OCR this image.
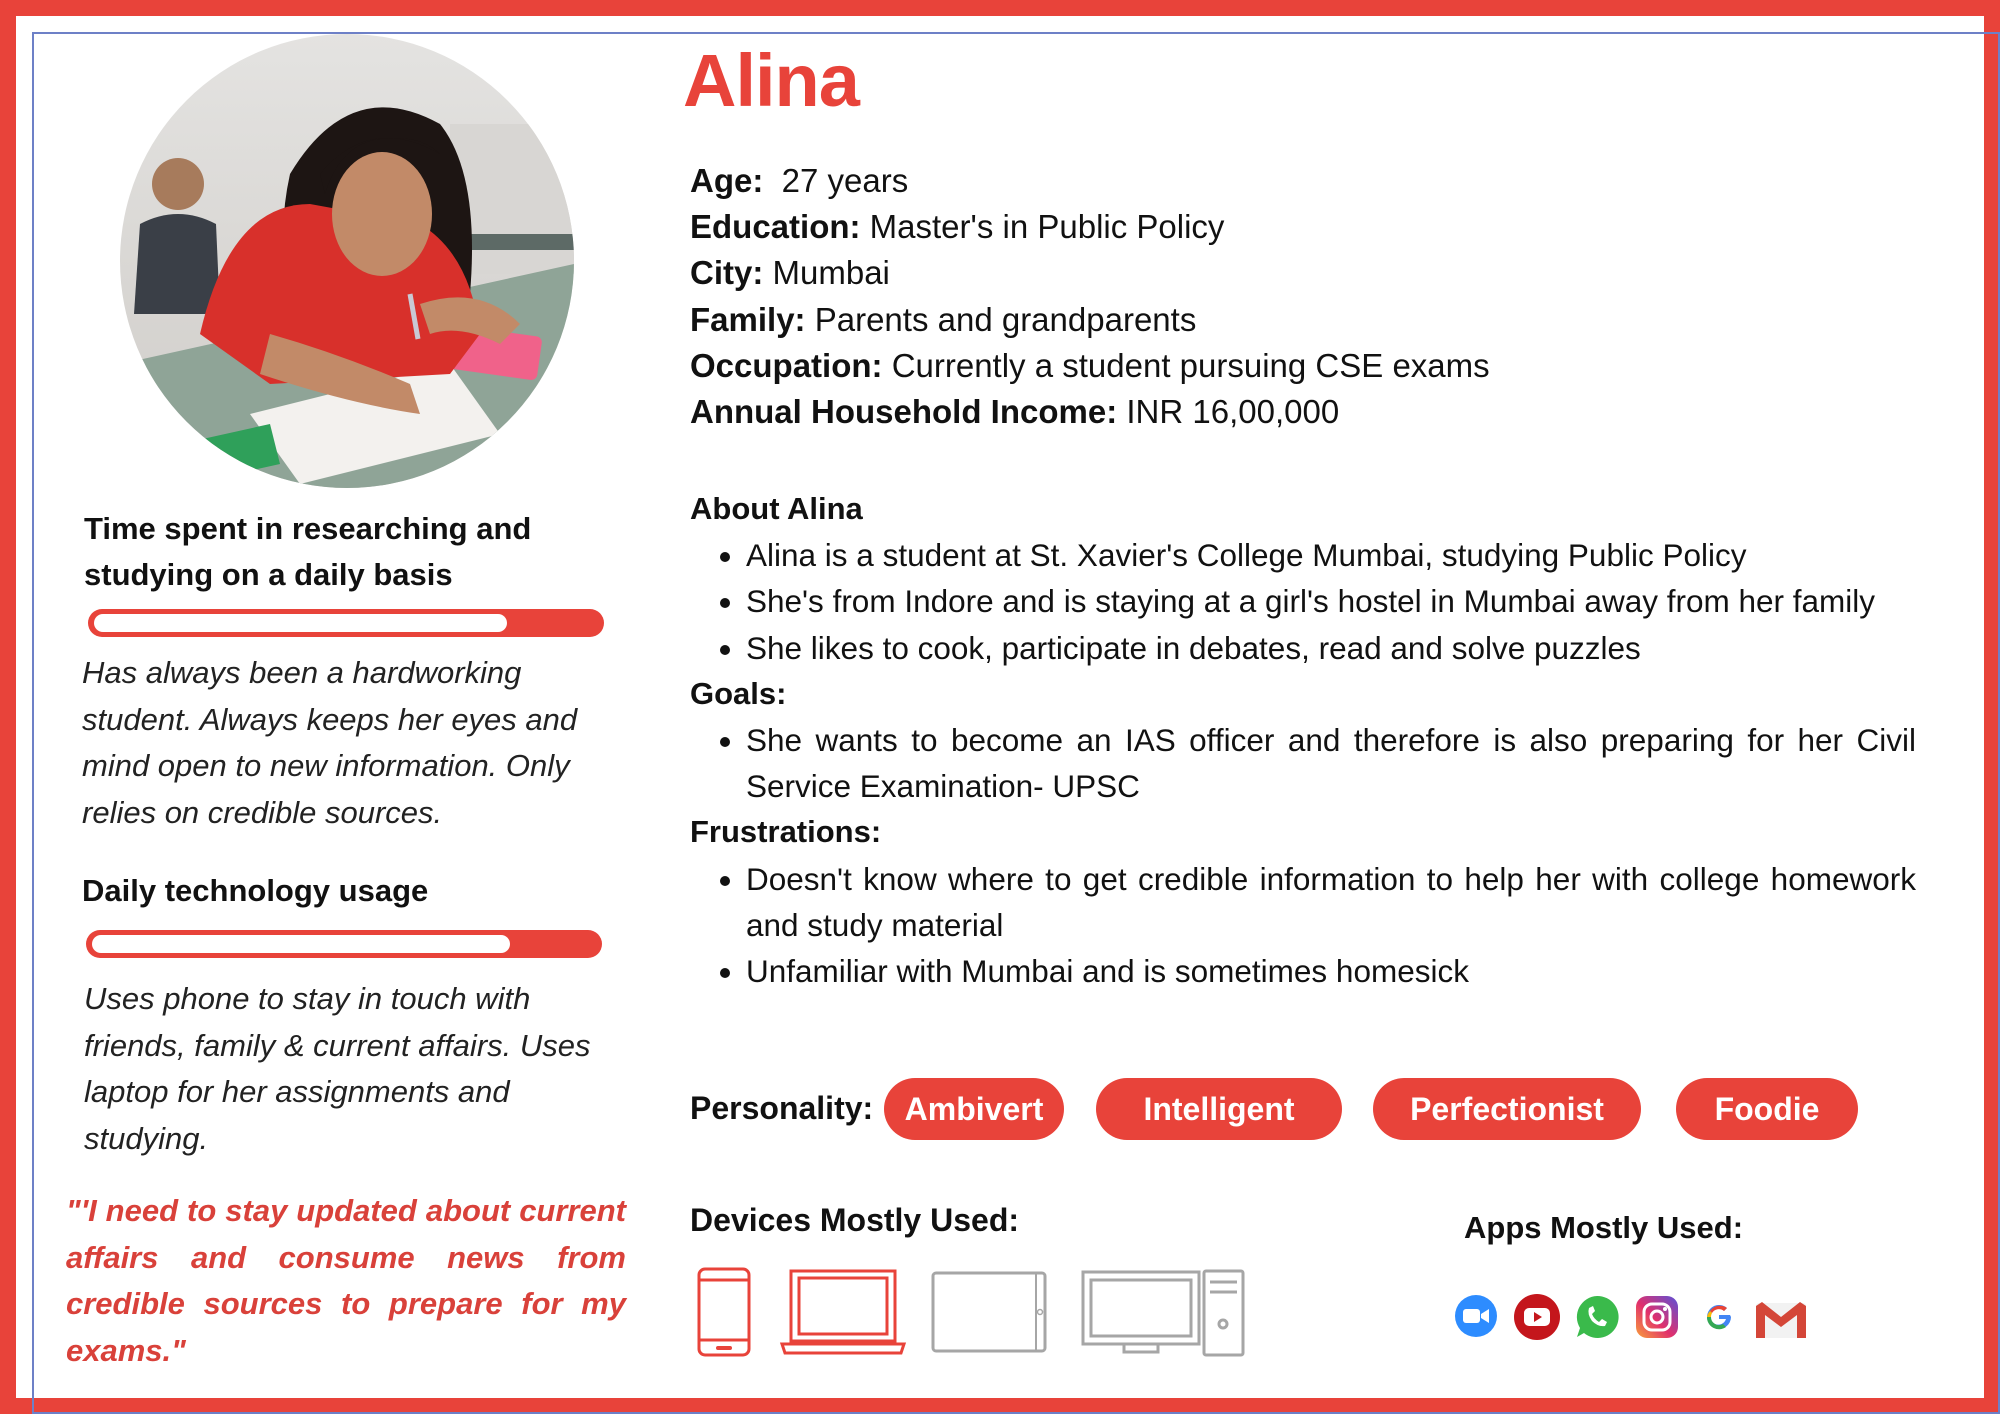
Alina
Age:  27 years
Education: Master's in Public Policy
City: Mumbai
Family: Parents and grandparents
Occupation: Currently a student pursuing CSE exams
Annual Household Income: INR 16,00,000
Time spent in researching and studying on a daily basis
Has always been a hardworking student. Always keeps her eyes and mind open to new information. Only relies on credible sources.
Daily technology usage
Uses phone to stay in touch with friends, family & current affairs. Uses laptop for her assignments and studying.
"'I need to stay updated about current affairs and consume news from credible sources to prepare for my exams."
About Alina
• Alina is a student at St. Xavier's College Mumbai, studying Public Policy
• She's from Indore and is staying at a girl's hostel in Mumbai away from her family
• She likes to cook, participate in debates, read and solve puzzles
Goals:
• She wants to become an IAS officer and therefore is also preparing for her Civil Service Examination- UPSC
Frustrations:
• Doesn't know where to get credible information to help her with college homework and study material
• Unfamiliar with Mumbai and is sometimes homesick
Personality: Ambivert	Intelligent	Perfectionist	Foodie
Devices Mostly Used:	Apps Mostly Used:
